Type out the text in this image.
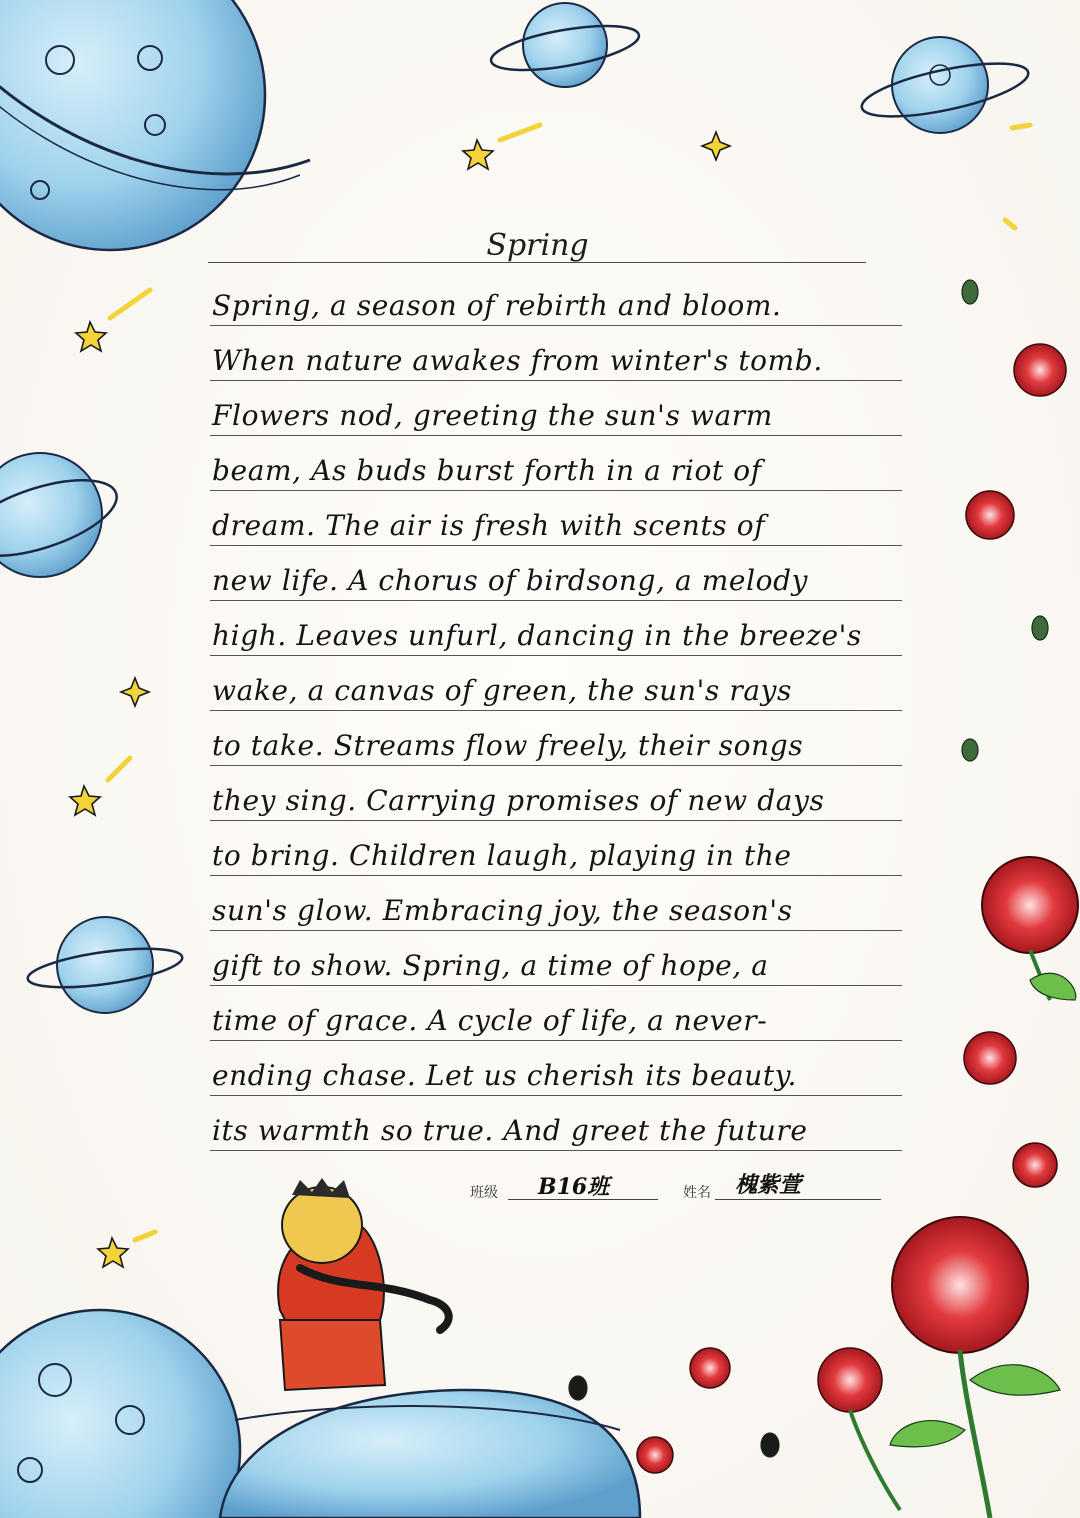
Spring
Spring, a season of rebirth and bloom.
When nature awakes from winter's tomb.
Flowers nod, greeting the sun's warm
beam, As buds burst forth in a riot of
dream. The air is fresh with scents of
new life. A chorus of birdsong, a melody
high. Leaves unfurl, dancing in the breeze's
wake, a canvas of green, the sun's rays
to take. Streams flow freely, their songs
they sing. Carrying promises of new days
to bring. Children laugh, playing in the
sun's glow. Embracing joy, the season's
gift to show. Spring, a time of hope, a
time of grace. A cycle of life, a never-
ending chase. Let us cherish its beauty.
its warmth so true. And greet the future
班级 B16班	姓名 槐紫萱
